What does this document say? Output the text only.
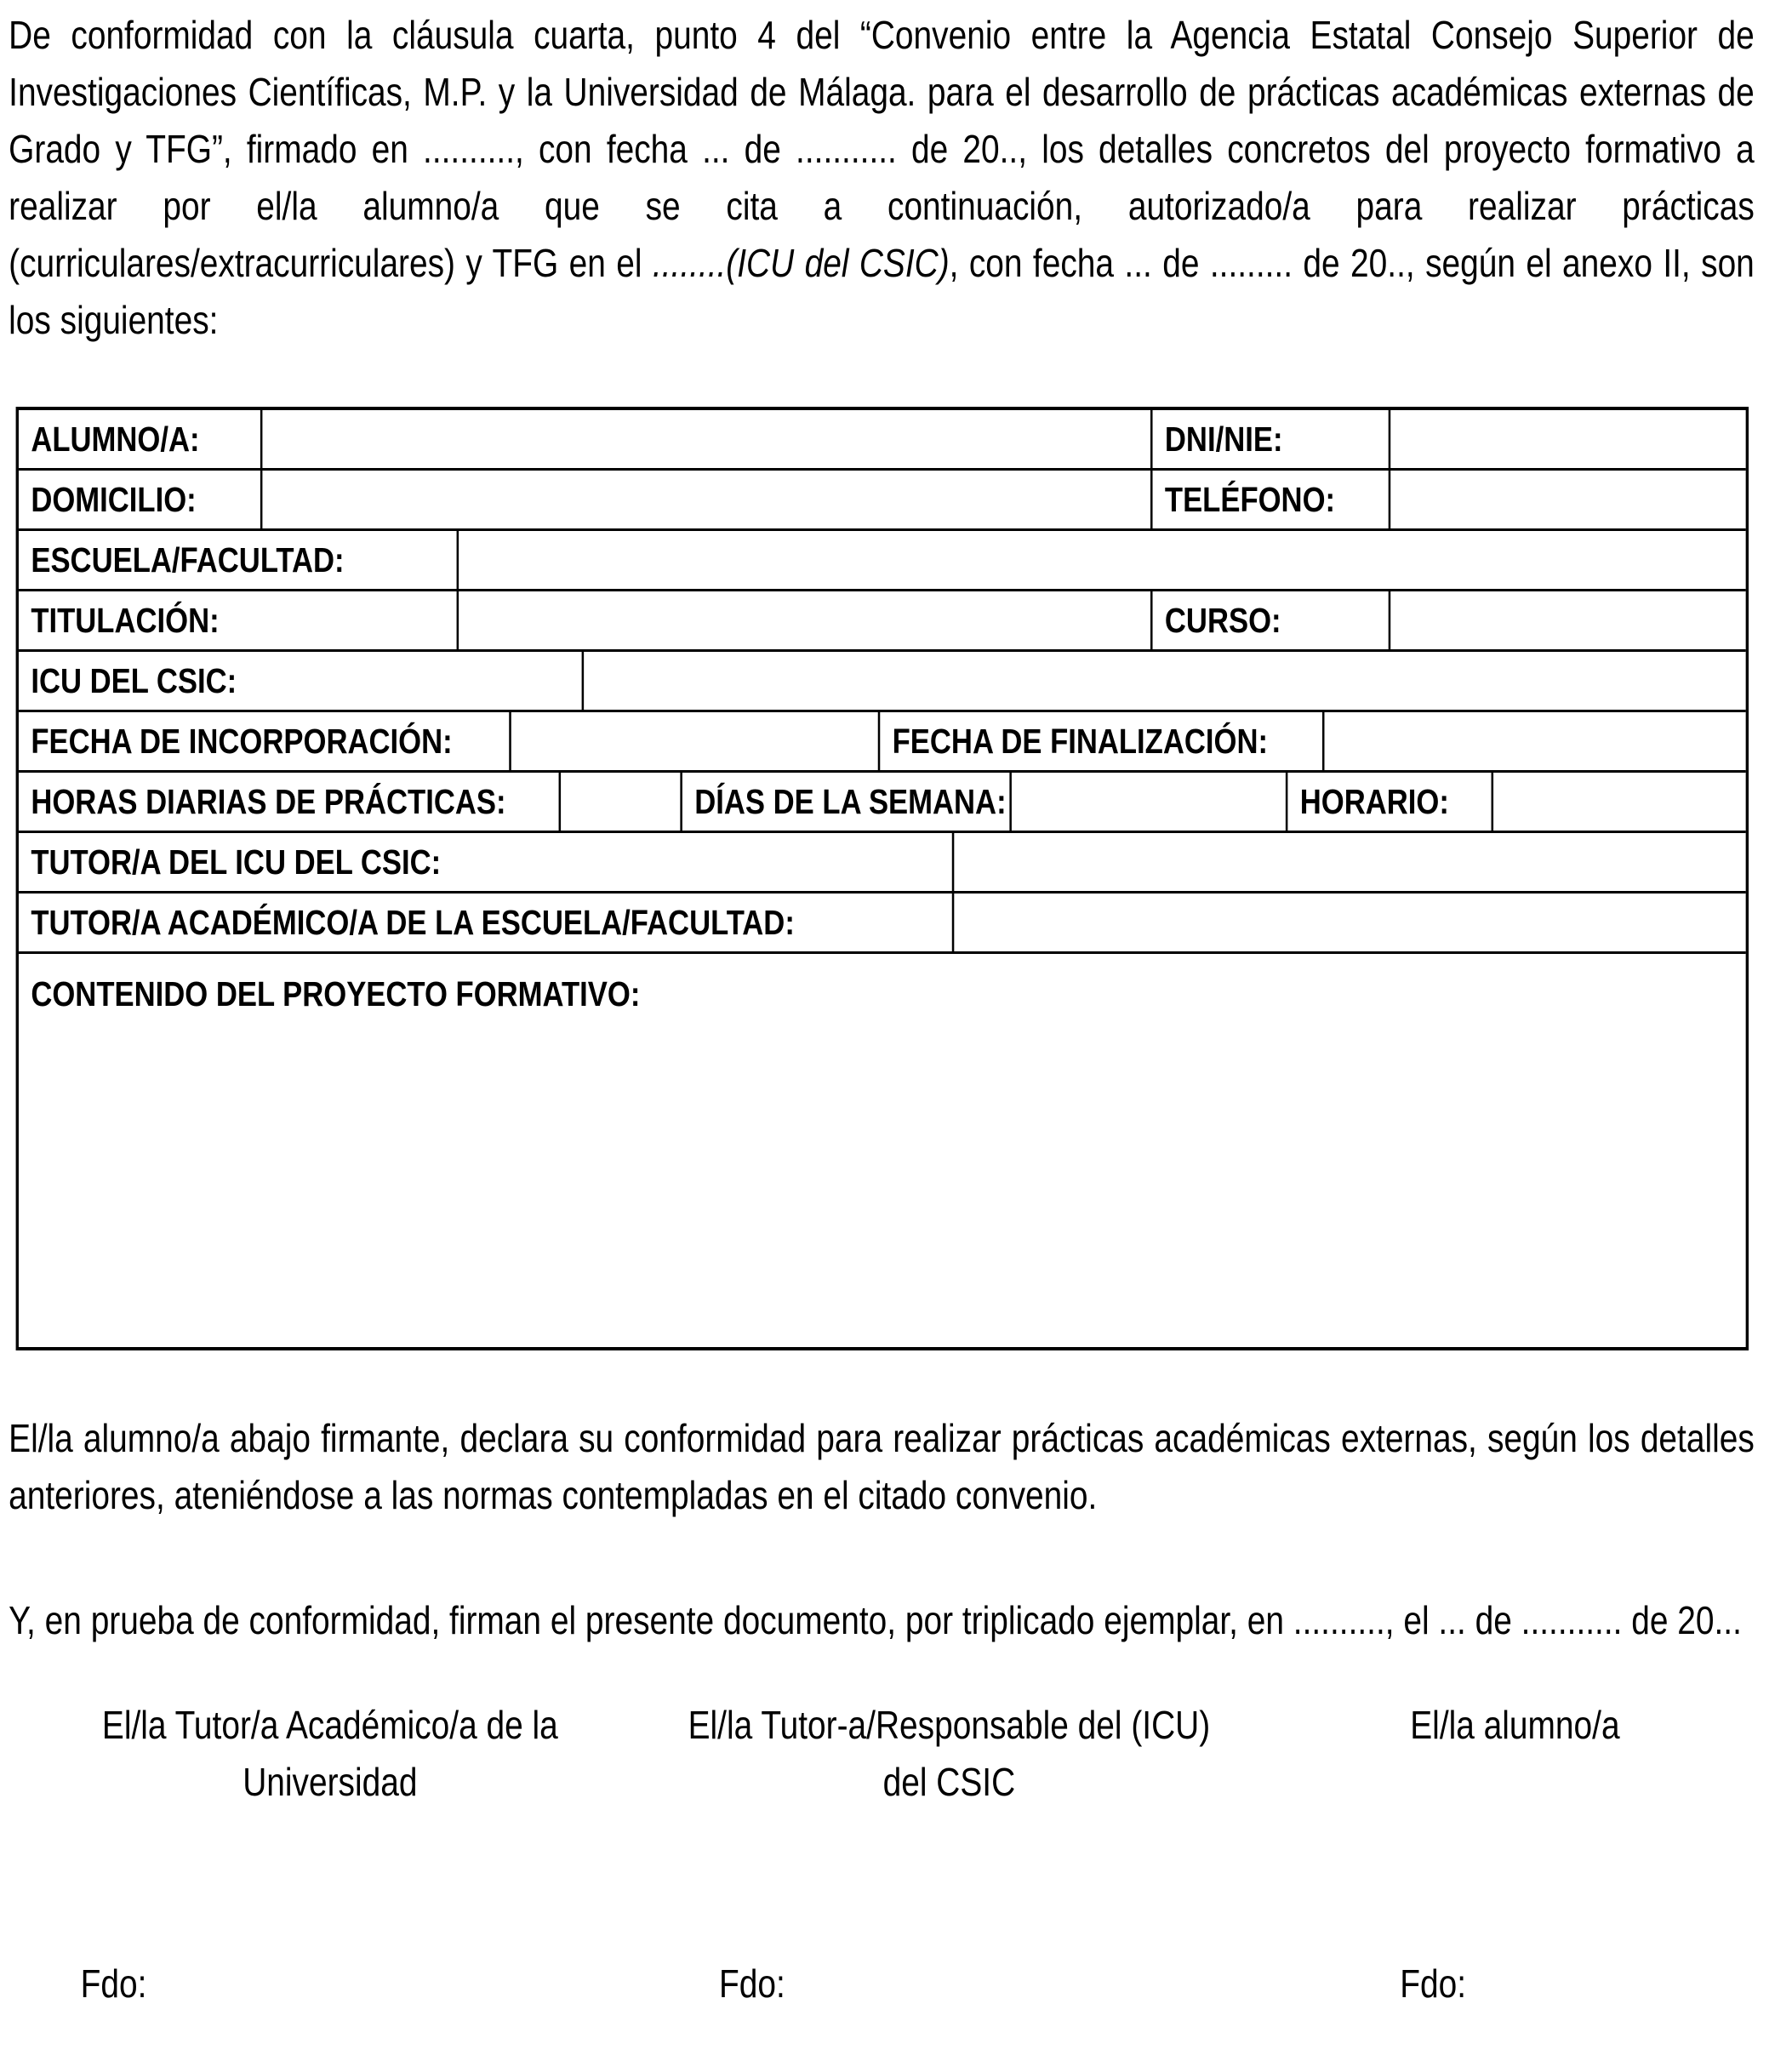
De conformidad con la cláusula cuarta, punto 4 del “Convenio entre la Agencia Estatal Consejo Superior de Investigaciones Científicas, M.P. y la Universidad de Málaga. para el desarrollo de prácticas académicas externas de Grado y TFG”, firmado en .........., con fecha ... de ........... de 20.., los detalles concretos del proyecto formativo a realizar por el/la alumno/a que se cita a continuación, autorizado/a para realizar prácticas (curriculares/extracurriculares) y TFG en el ........(ICU del CSIC), con fecha ... de ......... de 20.., según el anexo II, son los siguientes:

ALUMNO/A:	DNI/NIE:
DOMICILIO:	TELÉFONO:
ESCUELA/FACULTAD:
TITULACIÓN:	CURSO:
ICU DEL CSIC:
FECHA DE INCORPORACIÓN:	FECHA DE FINALIZACIÓN:
HORAS DIARIAS DE PRÁCTICAS:	DÍAS DE LA SEMANA:	HORARIO:
TUTOR/A DEL ICU DEL CSIC:
TUTOR/A ACADÉMICO/A DE LA ESCUELA/FACULTAD:
CONTENIDO DEL PROYECTO FORMATIVO:

El/la alumno/a abajo firmante, declara su conformidad para realizar prácticas académicas externas, según los detalles anteriores, ateniéndose a las normas contempladas en el citado convenio.

Y, en prueba de conformidad, firman el presente documento, por triplicado ejemplar, en .........., el ... de ........... de 20...

El/la Tutor/a Académico/a de la
Universidad
El/la Tutor-a/Responsable del (ICU)
del CSIC
El/la alumno/a
Fdo:	Fdo:	Fdo:
